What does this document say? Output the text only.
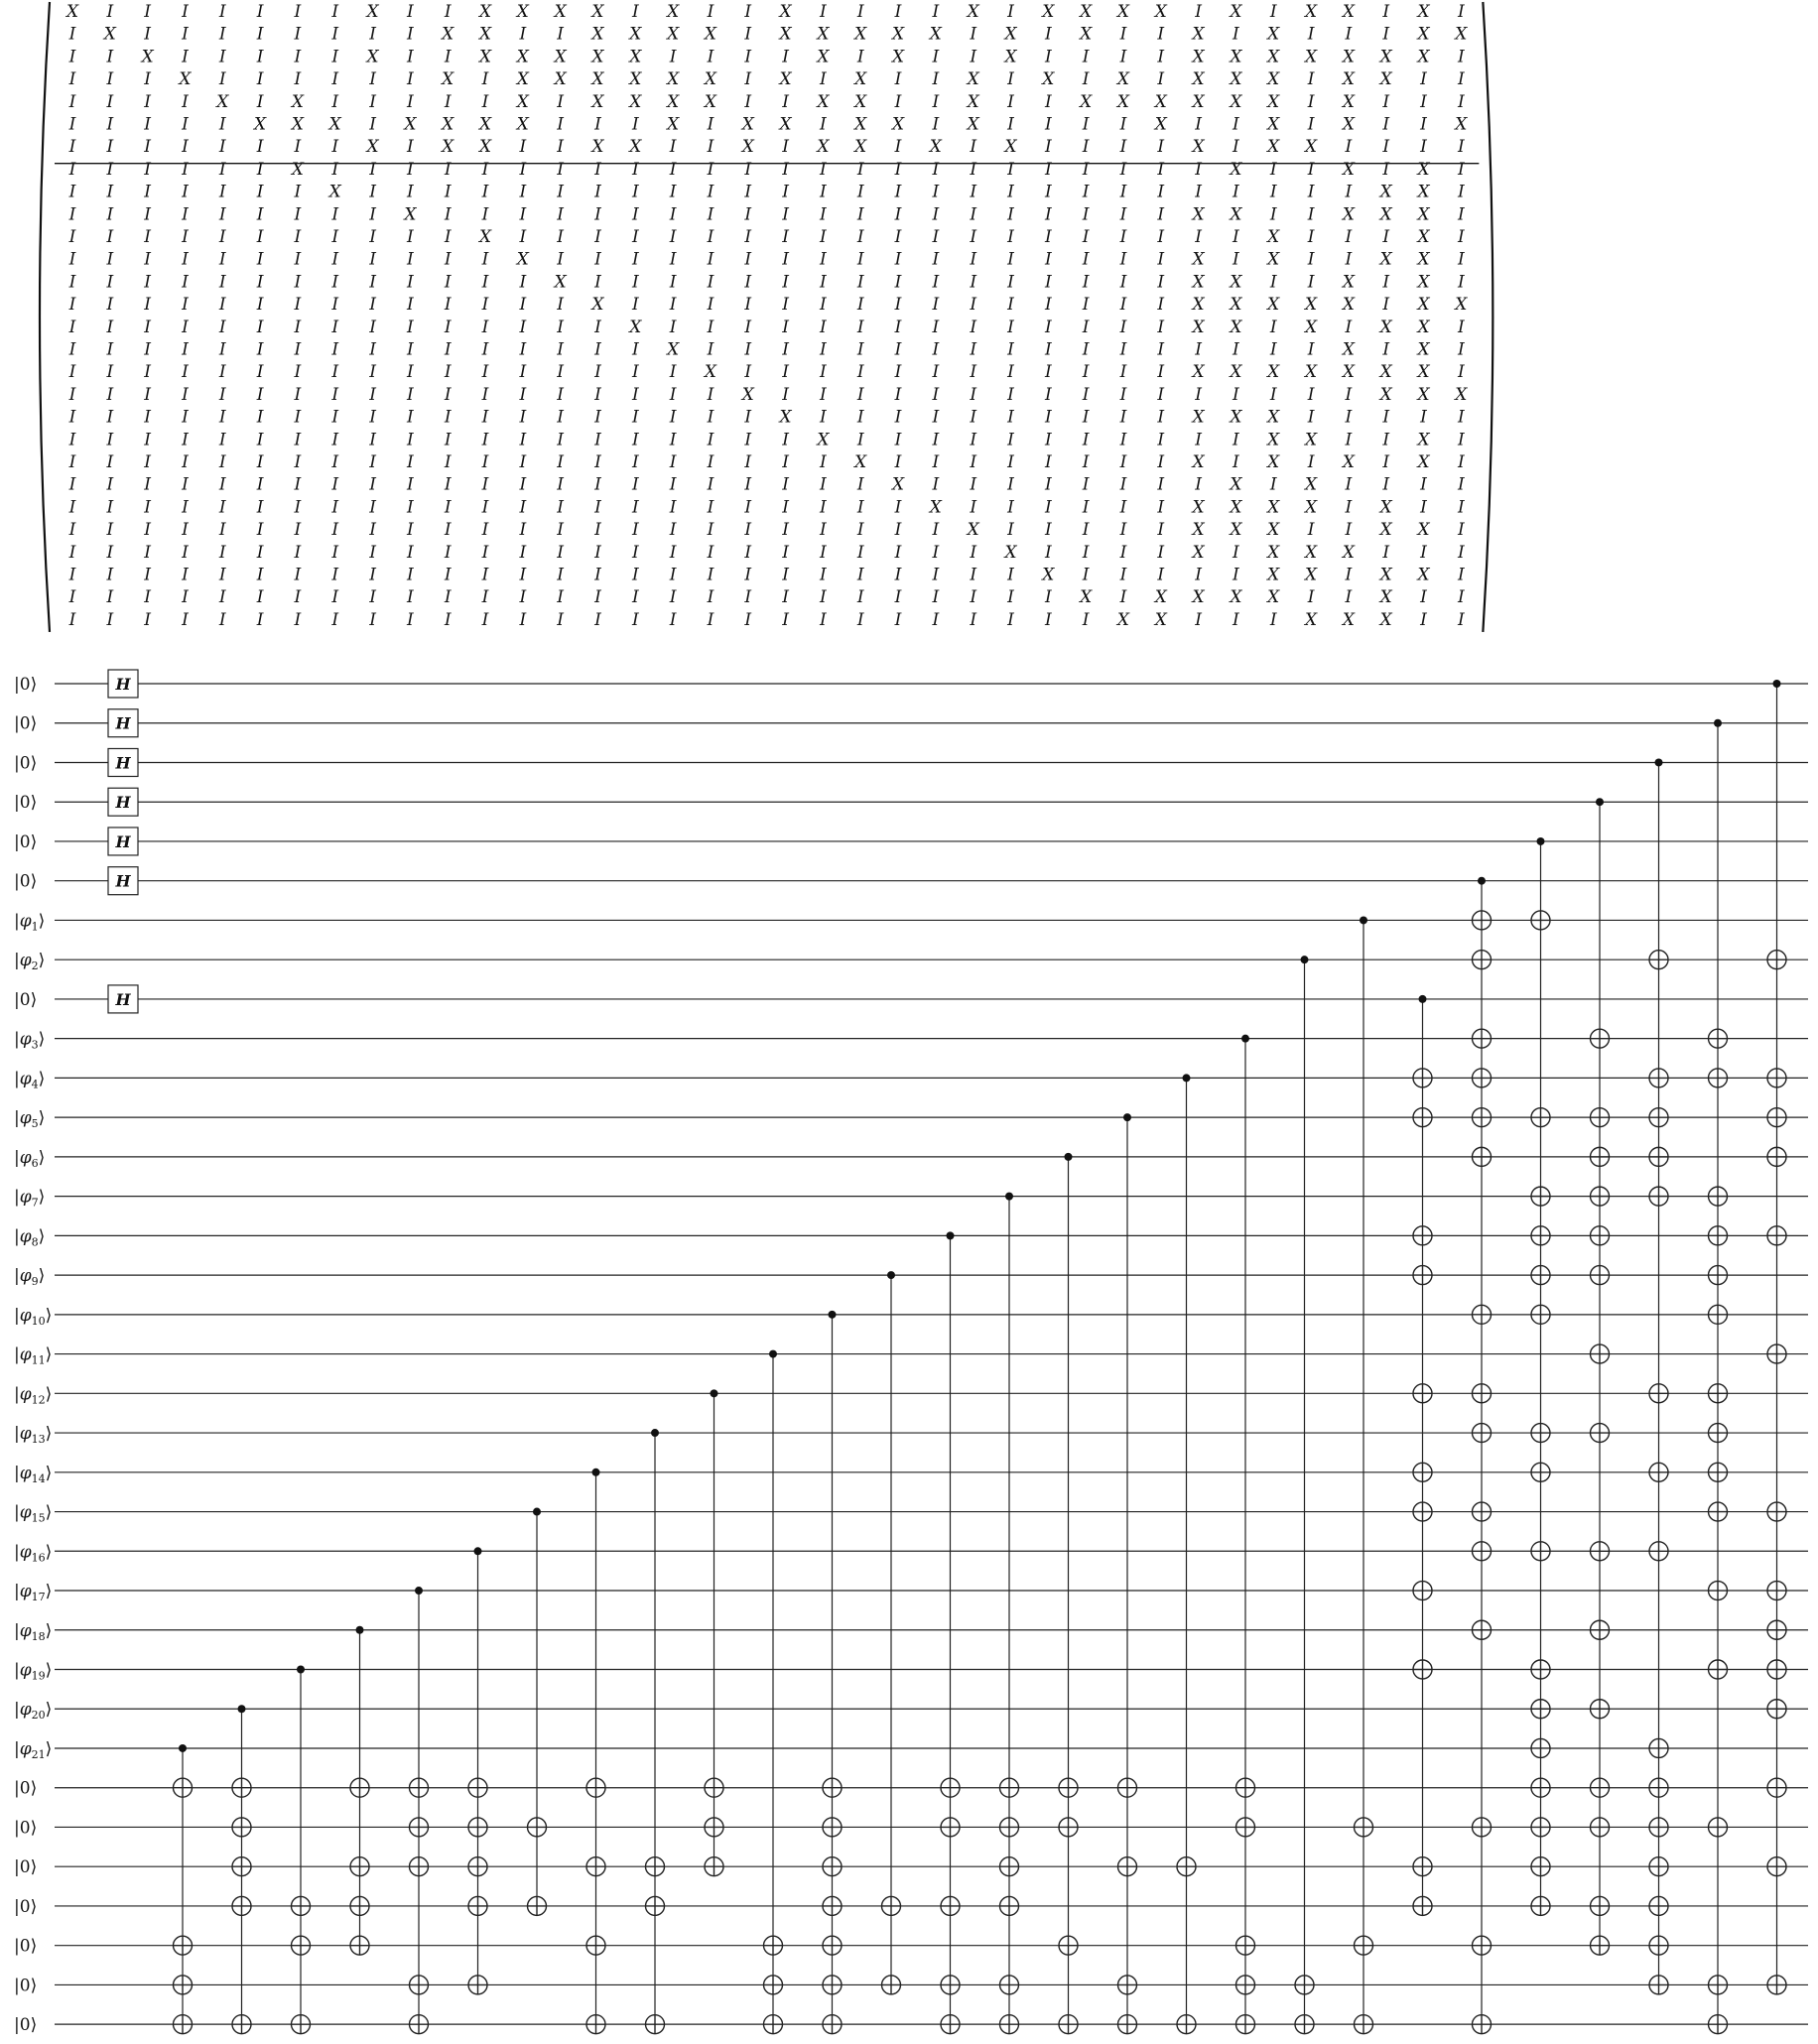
X I I I I I I I X I I X X X X I X I I X I I I I X I X X X X I X I X X I X I
I X I I I I I I I I X X I I X X X X I X X X X X I X I X I I X I X I I I X X
I I X I I I I I X I I X X X X X I I I I X I X I I X I I I I X X X X X X X I
I I I X I I I I I I X I X X X X X X I X I X I I X I X I X I X X X I X X I I
I I I I X I X I I I I I X I X X X X I I X X I I X I I X X X X X X I X I I I
I I I I I X X X I X X X X I I I X I X X I X X I X I I I I X I I X I X I I X
I I I I I I I I X I X X I I X X I I X I X X I X I X I I I I X I X X I I I I
I I I I I I X I I I I I I I I I I I I I I I I I I I I I I I I X I I X I X I
I I I I I I I X I I I I I I I I I I I I I I I I I I I I I I I I I I I X X I
I I I I I I I I I X I I I I I I I I I I I I I I I I I I I I X X I I X X X I
I I I I I I I I I I I X I I I I I I I I I I I I I I I I I I I I X I I I X I
I I I I I I I I I I I I X I I I I I I I I I I I I I I I I I X I X I I X X I
I I I I I I I I I I I I I X I I I I I I I I I I I I I I I I X X I I X I X I
I I I I I I I I I I I I I I X I I I I I I I I I I I I I I I X X X X X I X X
I I I I I I I I I I I I I I I X I I I I I I I I I I I I I I X X I X I X X I
I I I I I I I I I I I I I I I I X I I I I I I I I I I I I I I I I I X I X I
I I I I I I I I I I I I I I I I I X I I I I I I I I I I I I X X X X X X X I
I I I I I I I I I I I I I I I I I I X I I I I I I I I I I I I I I I I X X X
I I I I I I I I I I I I I I I I I I I X I I I I I I I I I I X X X I I I I I
I I I I I I I I I I I I I I I I I I I I X I I I I I I I I I I I X X I I X I
I I I I I I I I I I I I I I I I I I I I I X I I I I I I I I X I X I X I X I
I I I I I I I I I I I I I I I I I I I I I I X I I I I I I I I X I X I I I I
I I I I I I I I I I I I I I I I I I I I I I I X I I I I I I X X X X I X I I
I I I I I I I I I I I I I I I I I I I I I I I I X I I I I I X X X I I X X I
I I I I I I I I I I I I I I I I I I I I I I I I I X I I I I X I X X X I I I
I I I I I I I I I I I I I I I I I I I I I I I I I I X I I I I I X X I X X I
I I I I I I I I I I I I I I I I I I I I I I I I I I I X I X X X X I I X I I
I I I I I I I I I I I I I I I I I I I I I I I I I I I I X X I I I X X X I I
|0⟩
|0⟩
|0⟩
|0⟩
|0⟩
|0⟩
$|\varphi_1⟩$
$|\varphi_2⟩$
|0⟩
$|\varphi_3⟩$
$|\varphi_4⟩$
$|\varphi_5⟩$
$|\varphi_6⟩$
$|\varphi_7⟩$
$|\varphi_8⟩$
$|\varphi_9⟩$
$|\varphi_{10}⟩$
$|\varphi_{11}⟩$
$|\varphi_{12}⟩$
$|\varphi_{13}⟩$
$|\varphi_{14}⟩$
$|\varphi_{15}⟩$
$|\varphi_{16}⟩$
$|\varphi_{17}⟩$
$|\varphi_{18}⟩$
$|\varphi_{19}⟩$
$|\varphi_{20}⟩$
$|\varphi_{21}⟩$
|0⟩
|0⟩
|0⟩
|0⟩
|0⟩
|0⟩
|0⟩
H
H
H
H
H
H
H
